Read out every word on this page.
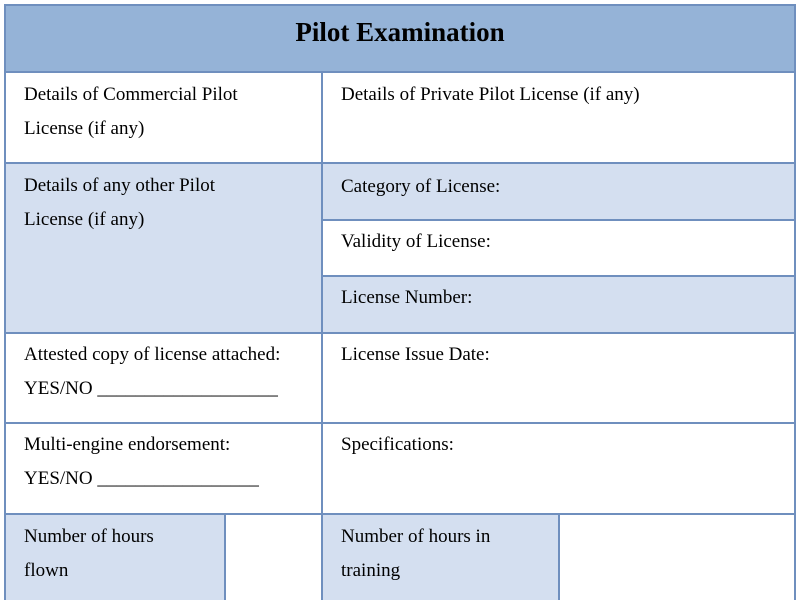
Pilot Examination
Details of Commercial Pilot
License (if any)
Details of Private Pilot License (if any)
Details of any other Pilot
License (if any)
Category of License:
Validity of License:
License Number:
Attested copy of license attached:
YES/NO ___________________
License Issue Date:
Multi-engine endorsement:
YES/NO _________________
Specifications:
Number of hours
flown
Number of hours in
training
